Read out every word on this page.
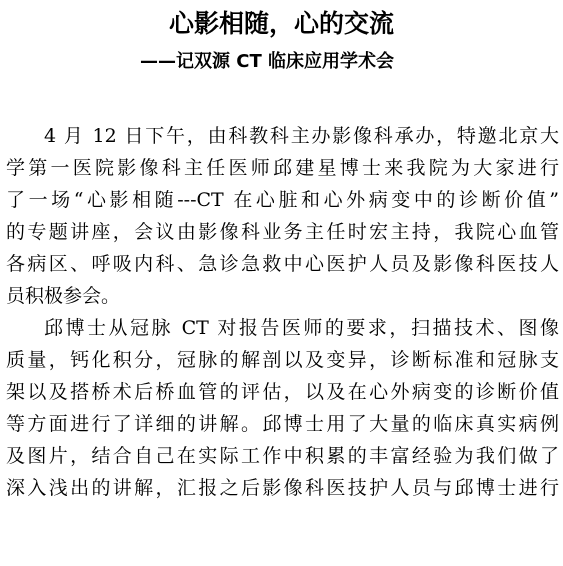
心影相随，心的交流
——记双源 CT 临床应用学术会
4 月 12 日下午，由科教科主办影像科承办，特邀北京大
学第一医院影像科主任医师邱建星博士来我院为大家进行
了一场“心影相随---CT 在心脏和心外病变中的诊断价值”
的专题讲座，会议由影像科业务主任时宏主持，我院心血管
各病区、呼吸内科、急诊急救中心医护人员及影像科医技人
员积极参会。
邱博士从冠脉 CT 对报告医师的要求，扫描技术、图像
质量，钙化积分，冠脉的解剖以及变异，诊断标准和冠脉支
架以及搭桥术后桥血管的评估，以及在心外病变的诊断价值
等方面进行了详细的讲解。邱博士用了大量的临床真实病例
及图片，结合自己在实际工作中积累的丰富经验为我们做了
深入浅出的讲解，汇报之后影像科医技护人员与邱博士进行
